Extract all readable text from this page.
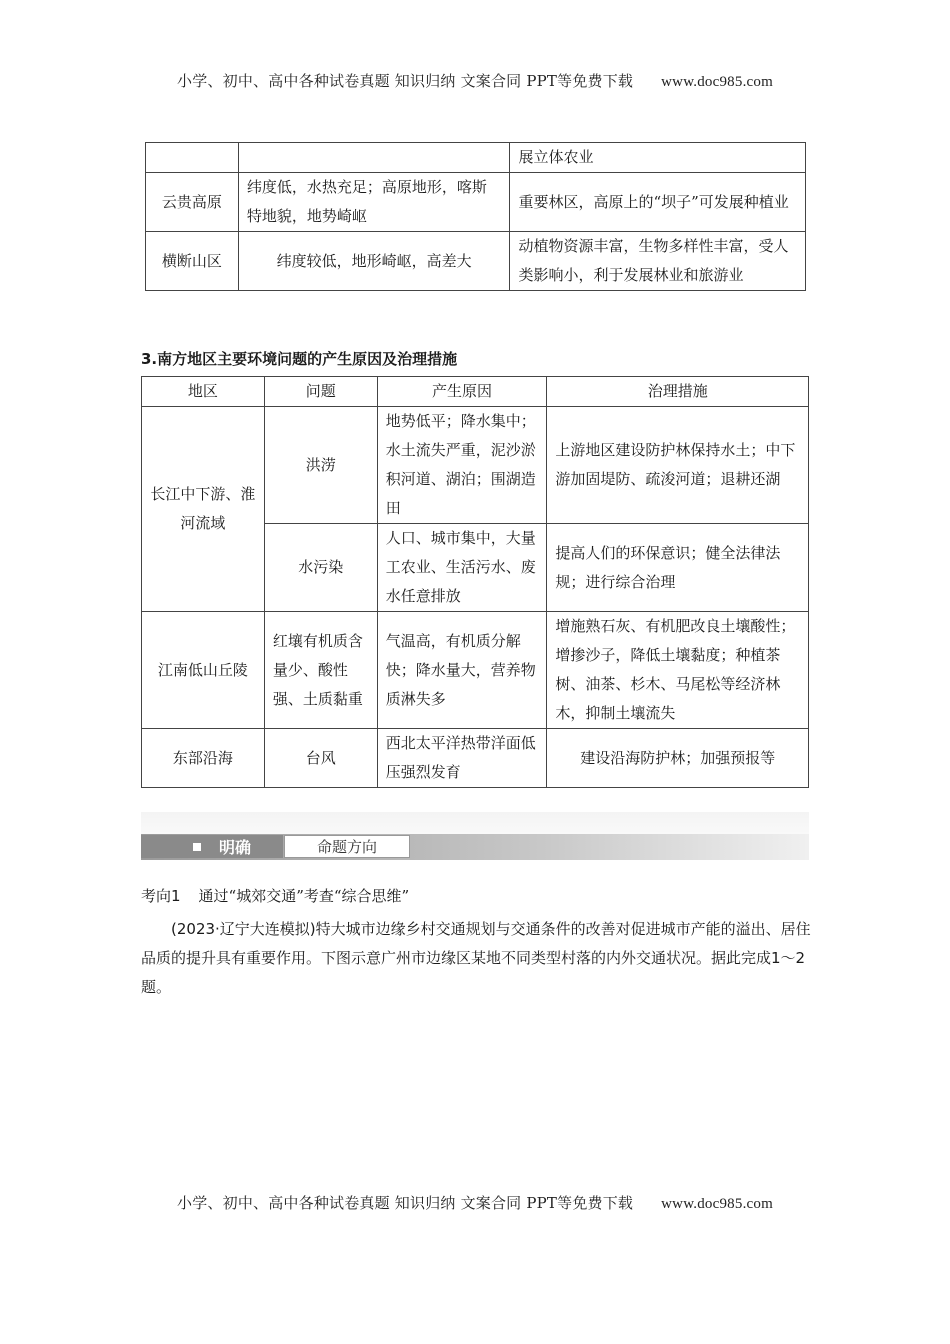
小学、初中、高中各种试卷真题 知识归纳 文案合同 PPT等免费下载 www.doc985.com
		展立体农业
云贵高原	纬度低，水热充足；高原地形，喀斯特地貌，地势崎岖	重要林区，高原上的“坝子”可发展种植业
横断山区	纬度较低，地形崎岖，高差大	动植物资源丰富，生物多样性丰富，受人类影响小，利于发展林业和旅游业
3.南方地区主要环境问题的产生原因及治理措施
地区	问题	产生原因	治理措施
长江中下游、淮河流域	洪涝	地势低平；降水集中；水土流失严重，泥沙淤积河道、湖泊；围湖造田	上游地区建设防护林保持水土；中下游加固堤防、疏浚河道；退耕还湖
	水污染	人口、城市集中，大量工农业、生活污水、废水任意排放	提高人们的环保意识；健全法律法规；进行综合治理
江南低山丘陵	红壤有机质含量少、酸性强、土质黏重	气温高，有机质分解快；降水量大，营养物质淋失多	增施熟石灰、有机肥改良土壤酸性；增掺沙子，降低土壤黏度；种植茶树、油茶、杉木、马尾松等经济林木，抑制土壤流失
东部沿海	台风	西北太平洋热带洋面低压强烈发育	建设沿海防护林；加强预报等
明确	命题方向
考向1 通过“城郊交通”考查“综合思维”
(2023·辽宁大连模拟)特大城市边缘乡村交通规划与交通条件的改善对促进城市产能的溢出、居住品质的提升具有重要作用。下图示意广州市边缘区某地不同类型村落的内外交通状况。据此完成1～2题。
小学、初中、高中各种试卷真题 知识归纳 文案合同 PPT等免费下载 www.doc985.com
